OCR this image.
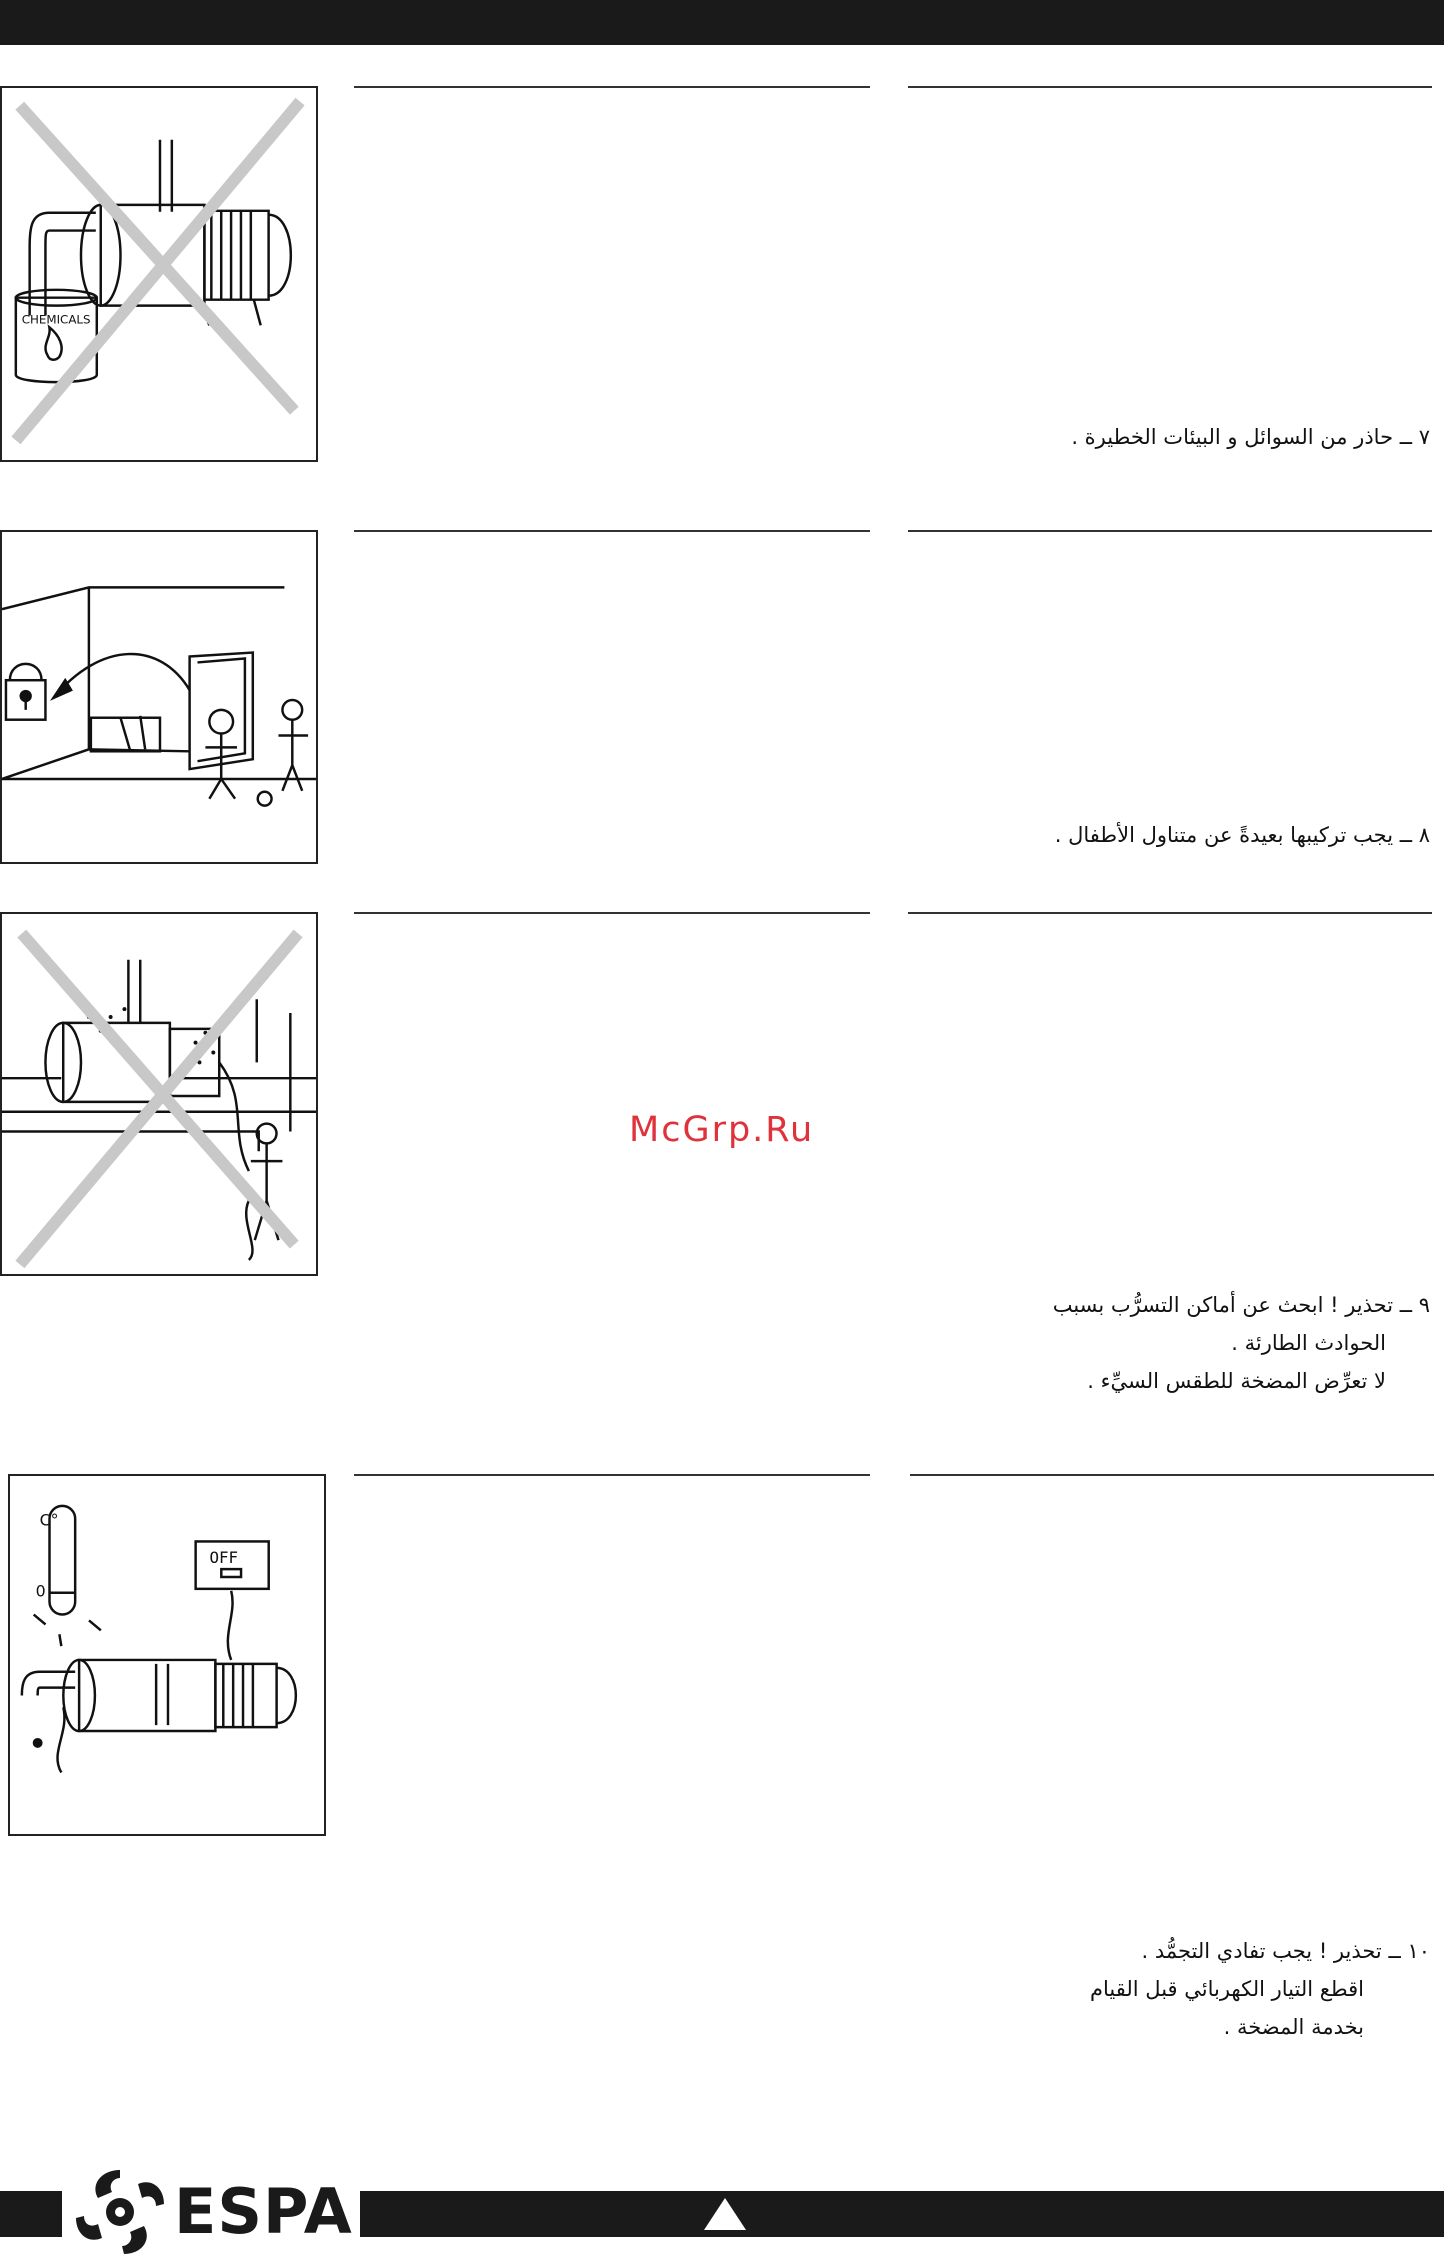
CHEMICALS
٧ ــ حاذر من السوائل و البيئات الخطيرة .
٨ ــ يجب تركيبها بعيدةً عن متناول الأطفال .
McGrp.Ru
٩ ــ تحذير ! ابحث عن أماكن التسرُّب بسبب
الحوادث الطارئة .
لا تعرِّض المضخة للطقس السيِّء .
C°
0
OFF
١٠ ــ تحذير ! يجب تفادي التجمُّد .
اقطع التيار الكهربائي قبل القيام
بخدمة المضخة .
ESPA
